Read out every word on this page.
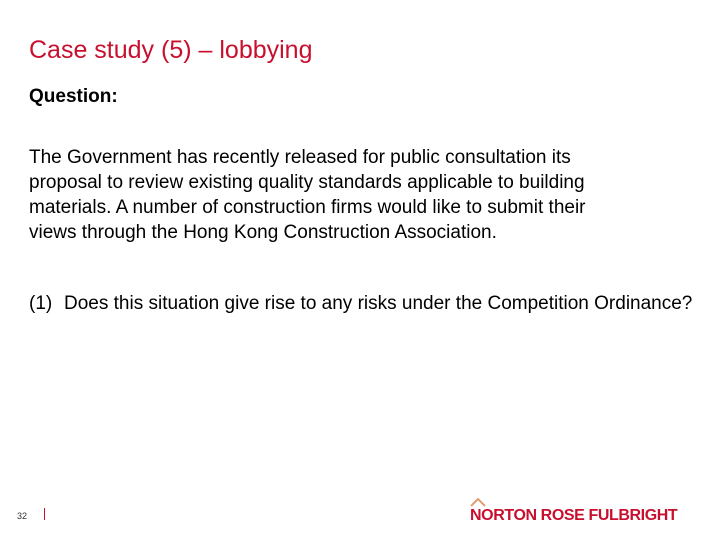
Case study (5) – lobbying
Question:
The Government has recently released for public consultation its
proposal to review existing quality standards applicable to building
materials. A number of construction firms would like to submit their
views through the Hong Kong Construction Association.
(1) Does this situation give rise to any risks under the Competition Ordinance?
32	NORTON ROSE FULBRIGHT
